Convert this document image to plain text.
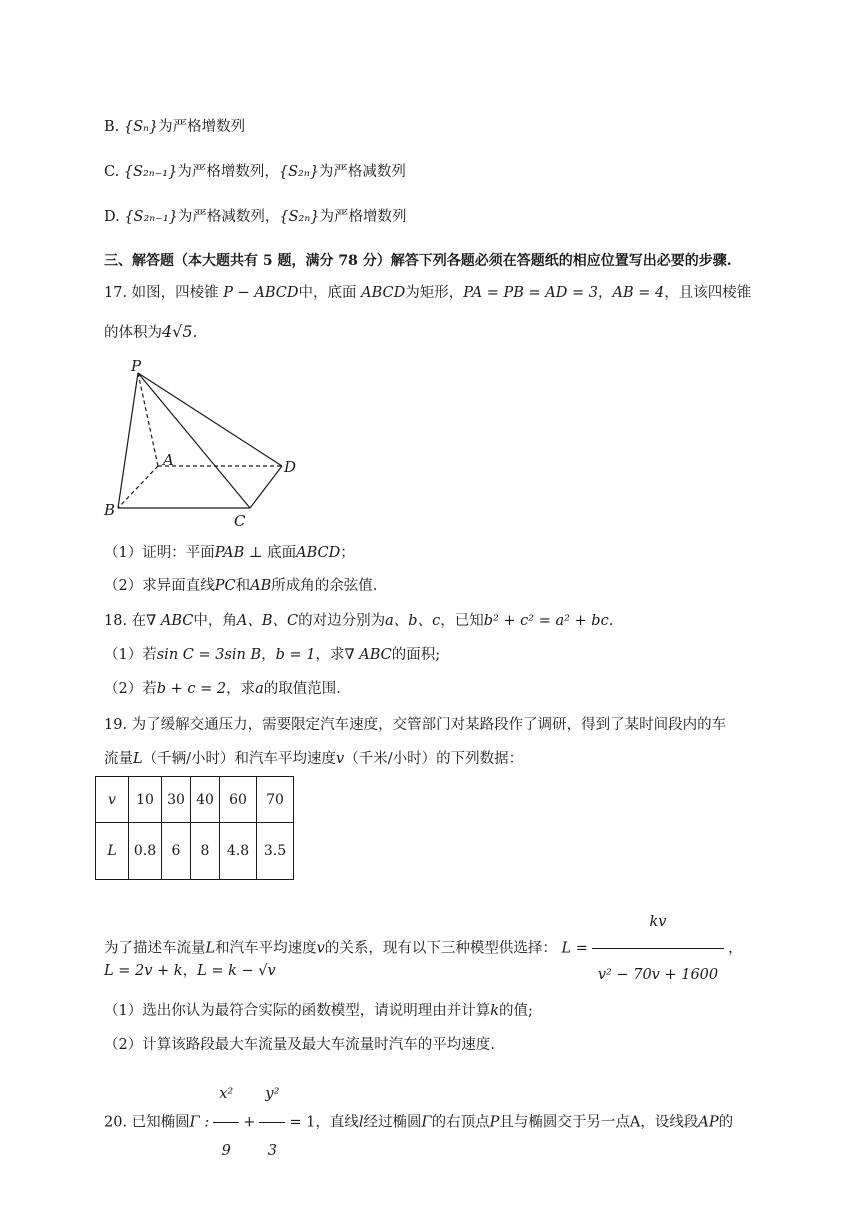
B. {Sₙ}为严格增数列
C. {S₂ₙ₋₁}为严格增数列，{S₂ₙ}为严格减数列
D. {S₂ₙ₋₁}为严格减数列，{S₂ₙ}为严格增数列
三、解答题（本大题共有 5 题，满分 78 分）解答下列各题必须在答题纸的相应位置写出必要的步骤.
17. 如图，四棱锥 P − ABCD中，底面 ABCD为矩形，PA = PB = AD = 3，AB = 4，且该四棱锥
的体积为4√5.
P
A	D
B
C
（1）证明：平面PAB ⊥ 底面ABCD；
（2）求异面直线PC和AB所成角的余弦值.
18. 在∇ ABC中，角A、B、C的对边分别为a、b、c，已知b² + c² = a² + bc.
（1）若sin C = 3sin B，b = 1，求∇ ABC的面积;
（2）若b + c = 2，求a的取值范围.
19. 为了缓解交通压力，需要限定汽车速度，交管部门对某路段作了调研，得到了某时间段内的车
流量L（千辆/小时）和汽车平均速度v（千米/小时）的下列数据：
v	10	30	40	60	70
L	0.8	6	8	4.8	3.5
为了描述车流量L和汽车平均速度v的关系，现有以下三种模型供选择： $L = \frac{kv}{\text{v² − 70v + 1600}}$ ，
L = 2v + k，L = k − √v
（1）选出你认为最符合实际的函数模型，请说明理由并计算k的值;
（2）计算该路段最大车流量及最大车流量时汽车的平均速度.
20. 已知椭圆Γ : $\frac{\text{x²}}{9} + \frac{\text{y²}}{3} = 1$，直线l经过椭圆Γ的右顶点P且与椭圆交于另一点A，设线段AP的
